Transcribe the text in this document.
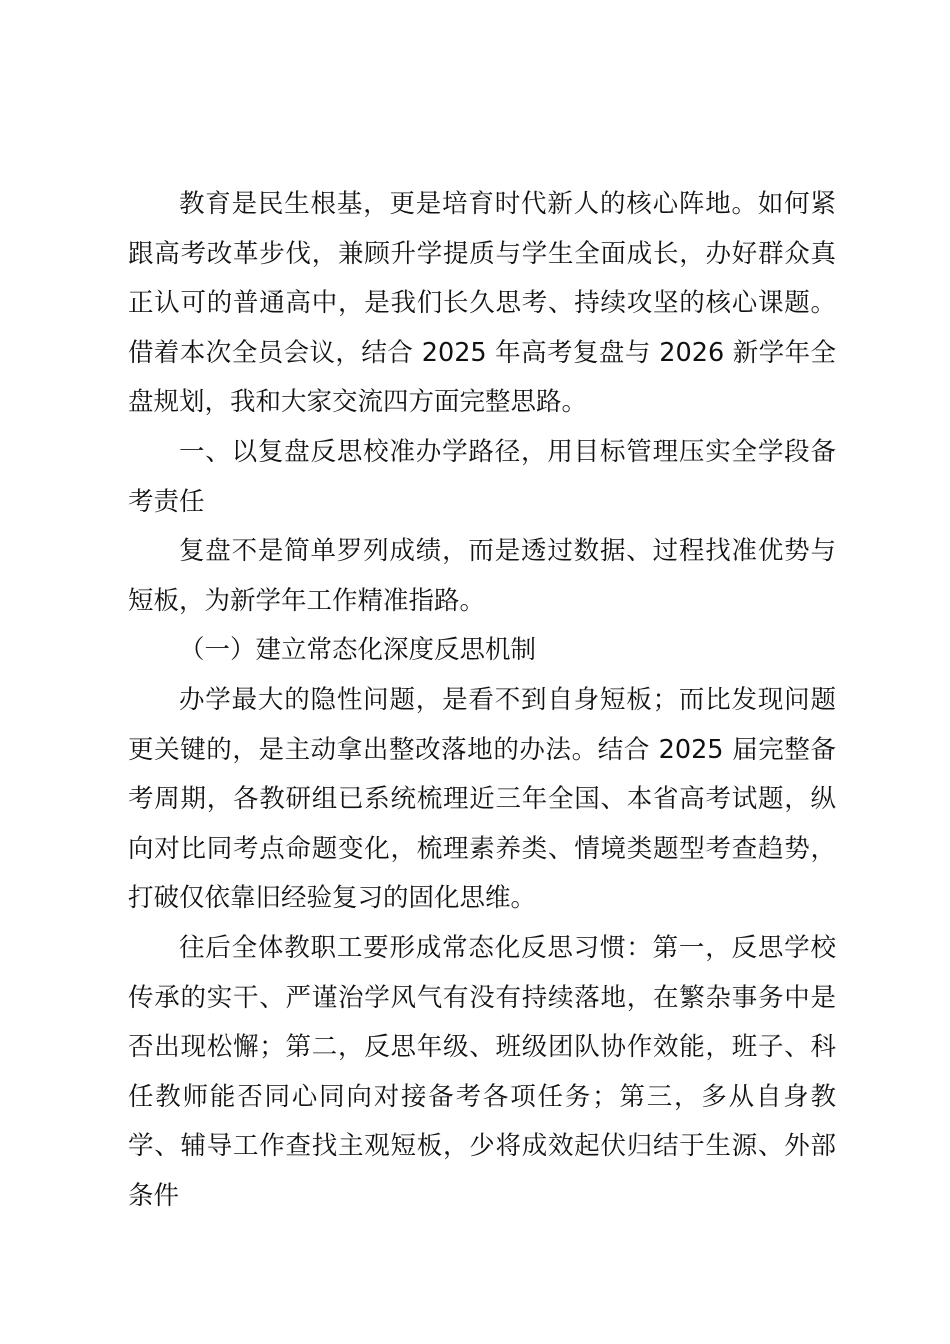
教育是民生根基，更是培育时代新人的核心阵地。如何紧跟高考改革步伐，兼顾升学提质与学生全面成长，办好群众真正认可的普通高中，是我们长久思考、持续攻坚的核心课题。借着本次全员会议，结合 2025 年高考复盘与 2026 新学年全盘规划，我和大家交流四方面完整思路。

一、以复盘反思校准办学路径，用目标管理压实全学段备考责任

复盘不是简单罗列成绩，而是透过数据、过程找准优势与短板，为新学年工作精准指路。

（一）建立常态化深度反思机制

办学最大的隐性问题，是看不到自身短板；而比发现问题更关键的，是主动拿出整改落地的办法。结合 2025 届完整备考周期，各教研组已系统梳理近三年全国、本省高考试题，纵向对比同考点命题变化，梳理素养类、情境类题型考查趋势，打破仅依靠旧经验复习的固化思维。

往后全体教职工要形成常态化反思习惯：第一，反思学校传承的实干、严谨治学风气有没有持续落地，在繁杂事务中是否出现松懈；第二，反思年级、班级团队协作效能，班子、科任教师能否同心同向对接备考各项任务；第三，多从自身教学、辅导工作查找主观短板，少将成效起伏归结于生源、外部条件
